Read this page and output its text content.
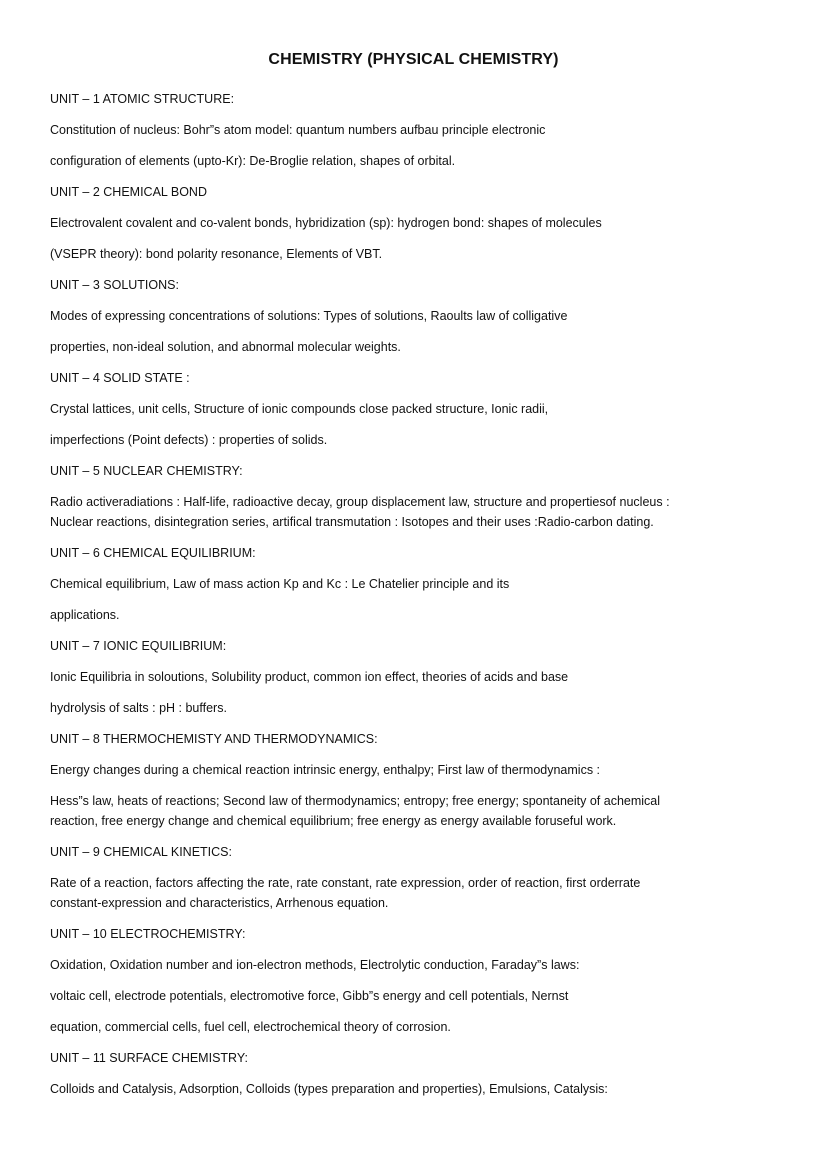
CHEMISTRY (PHYSICAL CHEMISTRY)

UNIT – 1 ATOMIC STRUCTURE:

Constitution of nucleus: Bohr”s atom model: quantum numbers aufbau principle electronic

configuration of elements (upto-Kr): De-Broglie relation, shapes of orbital.

UNIT – 2 CHEMICAL BOND

Electrovalent covalent and co-valent bonds, hybridization (sp): hydrogen bond: shapes of molecules

(VSEPR theory): bond polarity resonance, Elements of VBT.

UNIT – 3 SOLUTIONS:

Modes of expressing concentrations of solutions: Types of solutions, Raoults law of colligative

properties, non-ideal solution, and abnormal molecular weights.

UNIT – 4 SOLID STATE :

Crystal lattices, unit cells, Structure of ionic compounds close packed structure, Ionic radii,

imperfections (Point defects) : properties of solids.

UNIT – 5 NUCLEAR CHEMISTRY:

Radio activeradiations : Half-life, radioactive decay, group displacement law, structure and propertiesof nucleus :

Nuclear reactions, disintegration series, artifical transmutation : Isotopes and their uses :Radio-carbon dating.

UNIT – 6 CHEMICAL EQUILIBRIUM:

Chemical equilibrium, Law of mass action Kp and Kc : Le Chatelier principle and its

applications.

UNIT – 7 IONIC EQUILIBRIUM:

Ionic Equilibria in soloutions, Solubility product, common ion effect, theories of acids and base

hydrolysis of salts : pH : buffers.

UNIT – 8 THERMOCHEMISTY AND THERMODYNAMICS:

Energy changes during a chemical reaction intrinsic energy, enthalpy; First law of thermodynamics :

Hess”s law, heats of reactions; Second law of thermodynamics; entropy; free energy; spontaneity of achemical

reaction, free energy change and chemical equilibrium; free energy as energy available foruseful work.

UNIT – 9 CHEMICAL KINETICS:

Rate of a reaction, factors affecting the rate, rate constant, rate expression, order of reaction, first orderrate

constant-expression and characteristics, Arrhenous equation.

UNIT – 10 ELECTROCHEMISTRY:

Oxidation, Oxidation number and ion-electron methods, Electrolytic conduction, Faraday”s laws:

voltaic cell, electrode potentials, electromotive force, Gibb”s energy and cell potentials, Nernst

equation, commercial cells, fuel cell, electrochemical theory of corrosion.

UNIT – 11 SURFACE CHEMISTRY:

Colloids and Catalysis, Adsorption, Colloids (types preparation and properties), Emulsions, Catalysis:
